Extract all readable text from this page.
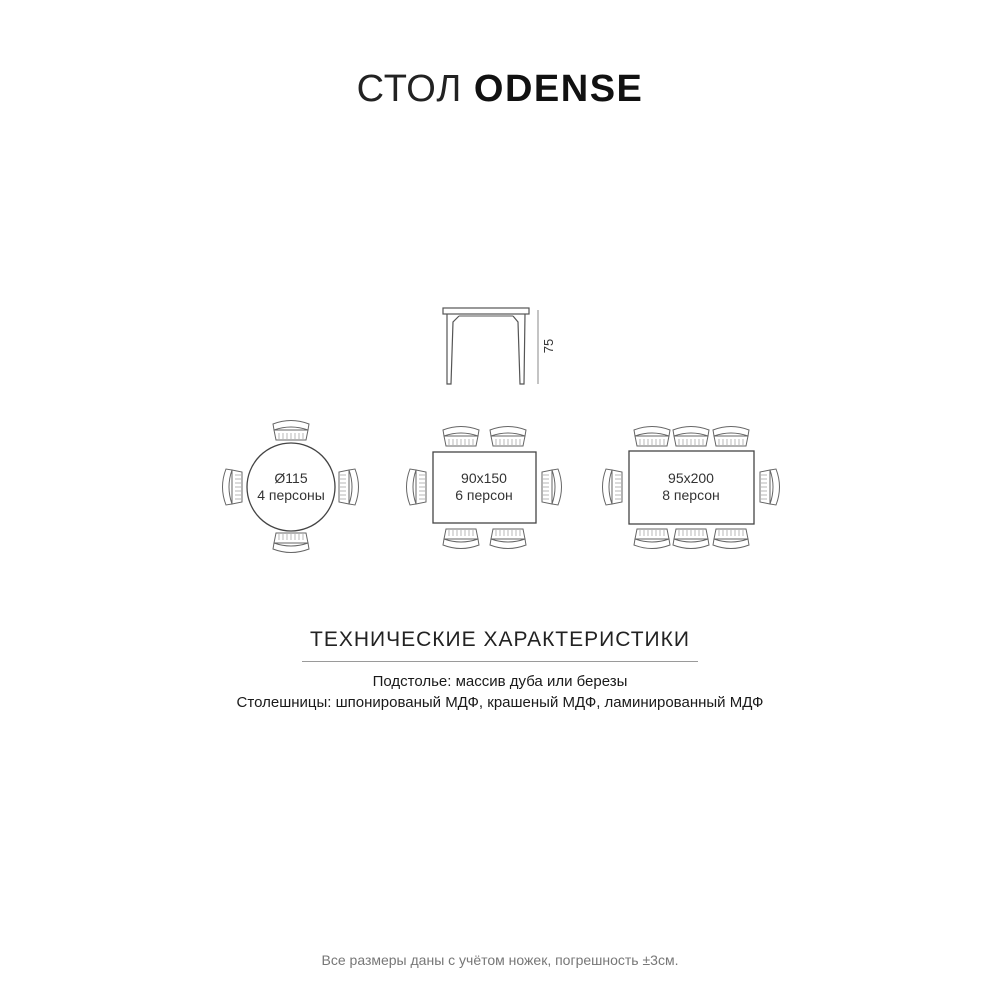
СТОЛ ODENSE
75
Ø115
4 персоны
90x150
6 персон
95x200
8 персон
ТЕХНИЧЕСКИЕ ХАРАКТЕРИСТИКИ
Подстолье: массив дуба или березы
Столешницы: шпонированый МДФ, крашеный МДФ, ламинированный МДФ
Все размеры даны с учётом ножек, погрешность ±3см.
